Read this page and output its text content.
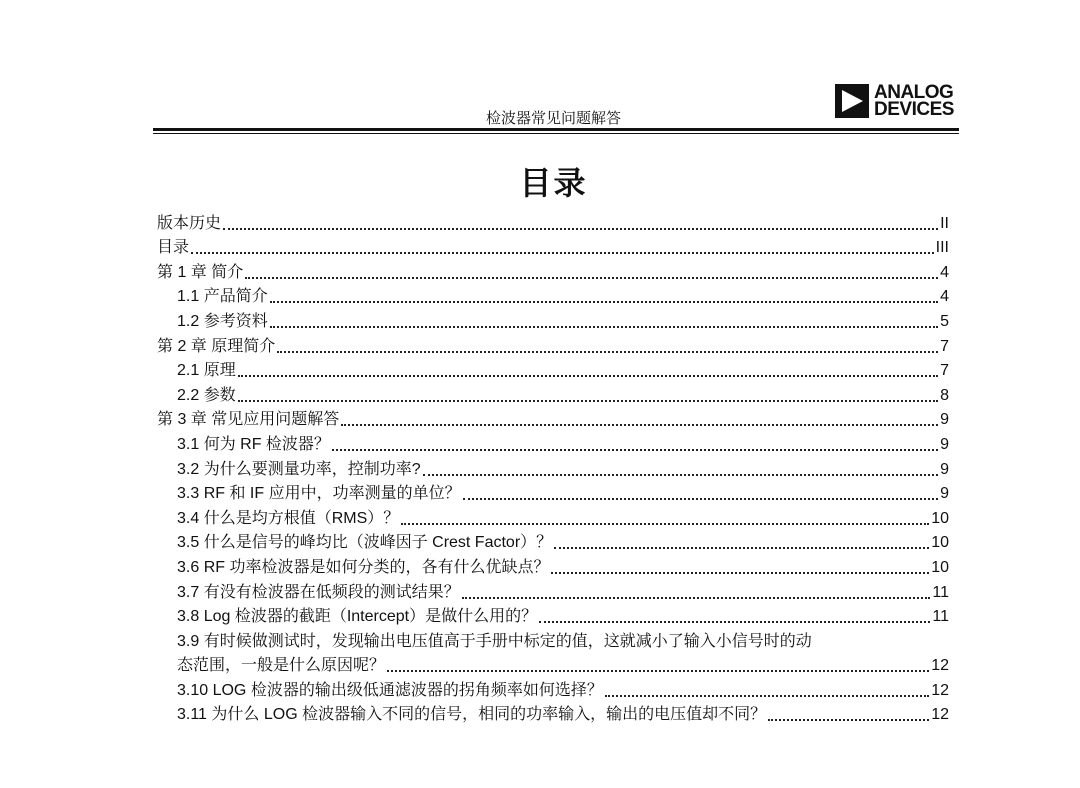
ANALOG
DEVICES
检波器常见问题解答
目录
版本历史	II
目录	III
第 1 章 简介	4
1.1 产品简介	4
1.2 参考资料	5
第 2 章 原理简介	7
2.1 原理	7
2.2 参数	8
第 3 章 常见应用问题解答	9
3.1 何为 RF 检波器？	9
3.2 为什么要测量功率，控制功率?	9
3.3 RF 和 IF 应用中，功率测量的单位？	9
3.4 什么是均方根值（RMS）？	10
3.5 什么是信号的峰均比（波峰因子 Crest Factor）？	10
3.6 RF 功率检波器是如何分类的，各有什么优缺点？	10
3.7 有没有检波器在低频段的测试结果？	11
3.8 Log 检波器的截距（Intercept）是做什么用的？	11
3.9 有时候做测试时，发现输出电压值高于手册中标定的值，这就减小了输入小信号时的动
态范围，一般是什么原因呢？	12
3.10 LOG 检波器的输出级低通滤波器的拐角频率如何选择？	12
3.11 为什么 LOG 检波器输入不同的信号，相同的功率输入，输出的电压值却不同？	12
